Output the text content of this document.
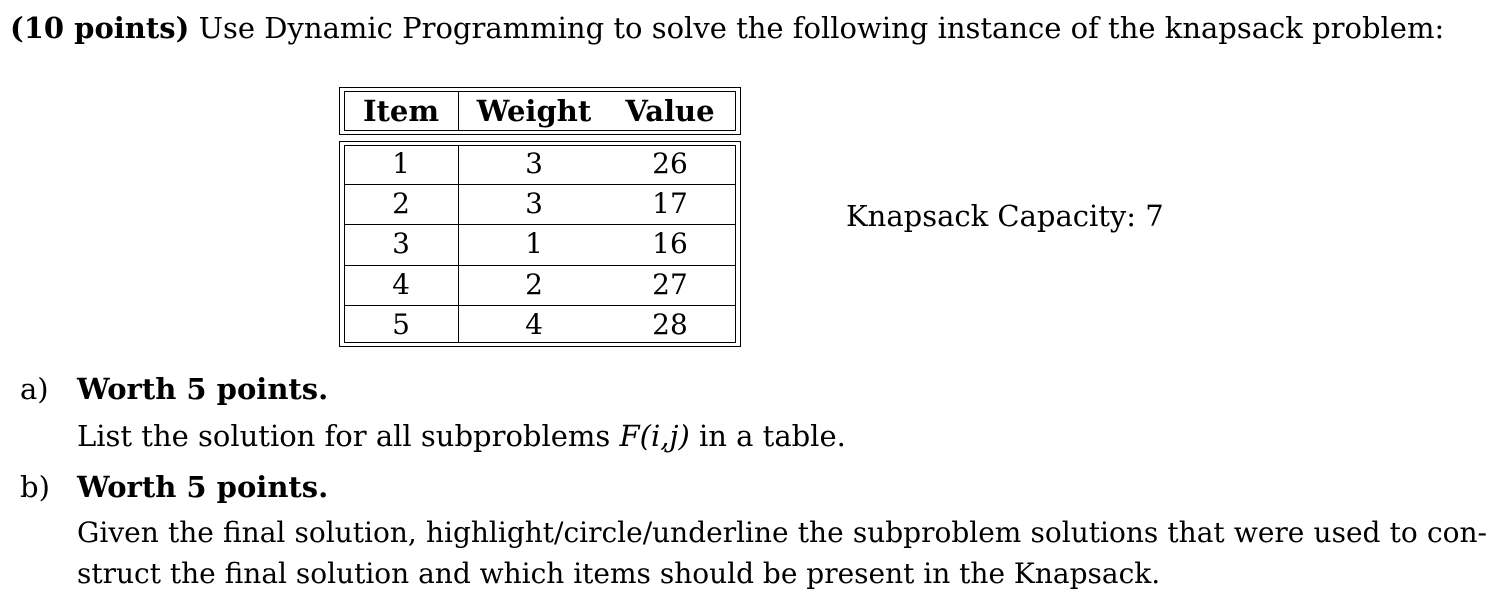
(10 points) Use Dynamic Programming to solve the following instance of the knapsack problem:
Item	Weight	Value
1	3	26
2	3	17
3	1	16
4	2	27
5	4	28
Knapsack Capacity: 7
a) Worth 5 points.
List the solution for all subproblems F(i,j) in a table.
b) Worth 5 points.
Given the final solution, highlight/circle/underline the subproblem solutions that were used to con-struct the final solution and which items should be present in the Knapsack.
